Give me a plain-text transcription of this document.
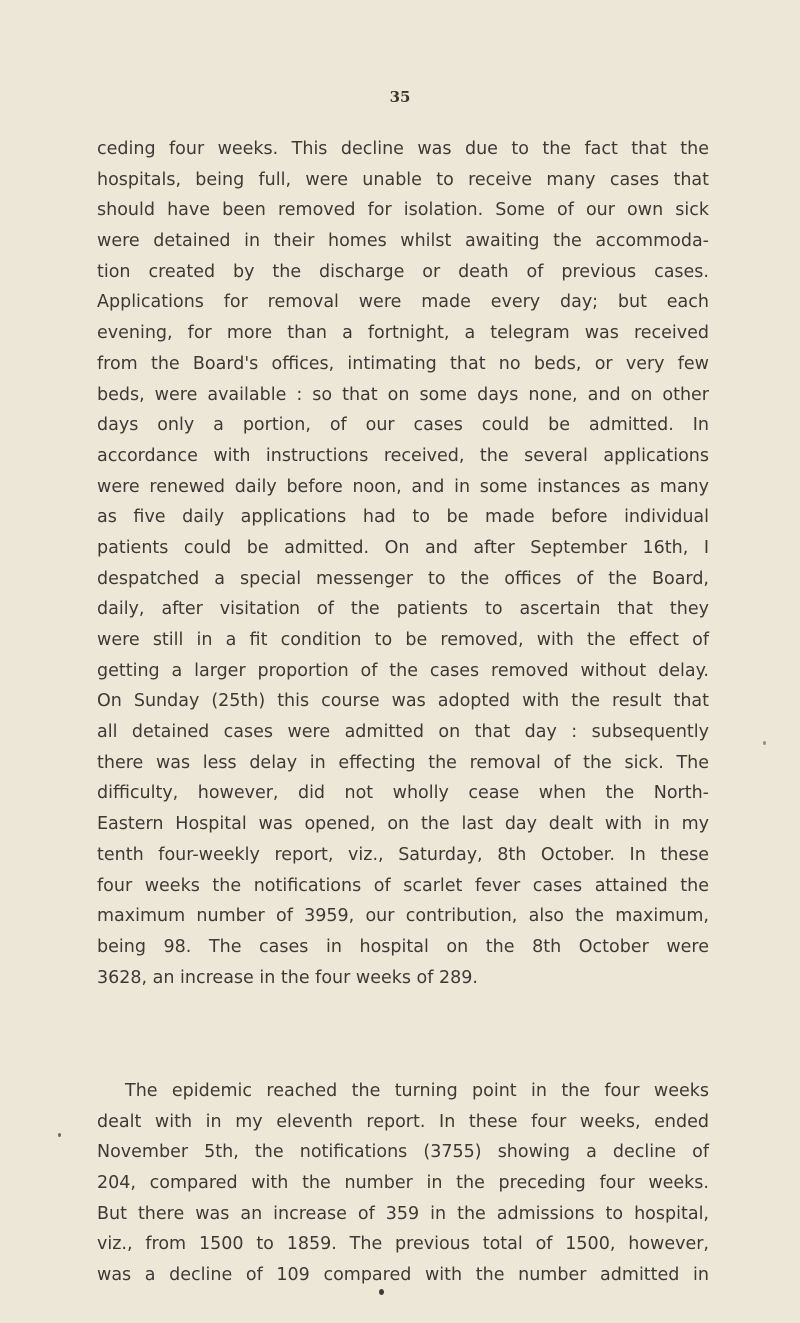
35
ceding four weeks. This decline was due to the fact that the
hospitals, being full, were unable to receive many cases that
should have been removed for isolation. Some of our own sick
were detained in their homes whilst awaiting the accommoda-
tion created by the discharge or death of previous cases.
Applications for removal were made every day; but each
evening, for more than a fortnight, a telegram was received
from the Board's offices, intimating that no beds, or very few
beds, were available : so that on some days none, and on other
days only a portion, of our cases could be admitted. In
accordance with instructions received, the several applications
were renewed daily before noon, and in some instances as many
as five daily applications had to be made before individual
patients could be admitted. On and after September 16th, I
despatched a special messenger to the offices of the Board,
daily, after visitation of the patients to ascertain that they
were still in a fit condition to be removed, with the effect of
getting a larger proportion of the cases removed without delay.
On Sunday (25th) this course was adopted with the result that
all detained cases were admitted on that day : subsequently
there was less delay in effecting the removal of the sick. The
difficulty, however, did not wholly cease when the North-
Eastern Hospital was opened, on the last day dealt with in my
tenth four-weekly report, viz., Saturday, 8th October. In these
four weeks the notifications of scarlet fever cases attained the
maximum number of 3959, our contribution, also the maximum,
being 98. The cases in hospital on the 8th October were
3628, an increase in the four weeks of 289.
The epidemic reached the turning point in the four weeks
dealt with in my eleventh report. In these four weeks, ended
November 5th, the notifications (3755) showing a decline of
204, compared with the number in the preceding four weeks.
But there was an increase of 359 in the admissions to hospital,
viz., from 1500 to 1859. The previous total of 1500, however,
was a decline of 109 compared with the number admitted in
